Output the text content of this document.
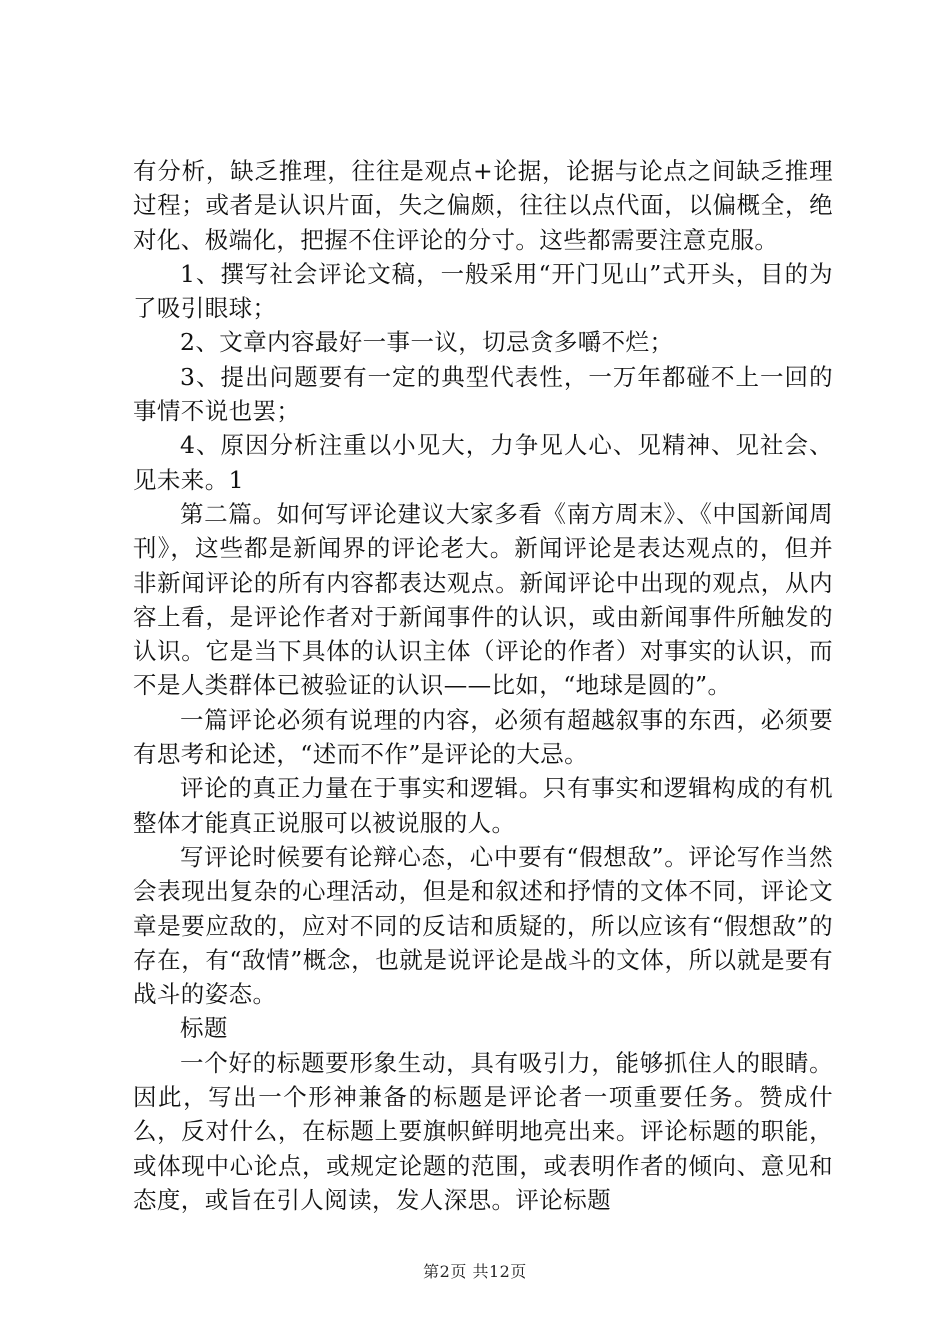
有分析，缺乏推理，往往是观点+论据，论据与论点之间缺乏推理过程；或者是认识片面，失之偏颇，往往以点代面，以偏概全，绝对化、极端化，把握不住评论的分寸。这些都需要注意克服。

1、撰写社会评论文稿，一般采用“开门见山”式开头，目的为了吸引眼球；

2、文章内容最好一事一议，切忌贪多嚼不烂；

3、提出问题要有一定的典型代表性，一万年都碰不上一回的事情不说也罢；

4、原因分析注重以小见大，力争见人心、见精神、见社会、见未来。1

第二篇。如何写评论建议大家多看《南方周末》、《中国新闻周刊》，这些都是新闻界的评论老大。新闻评论是表达观点的，但并非新闻评论的所有内容都表达观点。新闻评论中出现的观点，从内容上看，是评论作者对于新闻事件的认识，或由新闻事件所触发的认识。它是当下具体的认识主体（评论的作者）对事实的认识，而不是人类群体已被验证的认识——比如，“地球是圆的”。

一篇评论必须有说理的内容，必须有超越叙事的东西，必须要有思考和论述，“述而不作”是评论的大忌。

评论的真正力量在于事实和逻辑。只有事实和逻辑构成的有机整体才能真正说服可以被说服的人。

写评论时候要有论辩心态，心中要有“假想敌”。评论写作当然会表现出复杂的心理活动，但是和叙述和抒情的文体不同，评论文章是要应敌的，应对不同的反诘和质疑的，所以应该有“假想敌”的存在，有“敌情”概念，也就是说评论是战斗的文体，所以就是要有战斗的姿态。

标题

一个好的标题要形象生动，具有吸引力，能够抓住人的眼睛。因此，写出一个形神兼备的标题是评论者一项重要任务。赞成什么，反对什么，在标题上要旗帜鲜明地亮出来。评论标题的职能，或体现中心论点，或规定论题的范围，或表明作者的倾向、意见和态度，或旨在引人阅读，发人深思。评论标题

第2页 共12页
